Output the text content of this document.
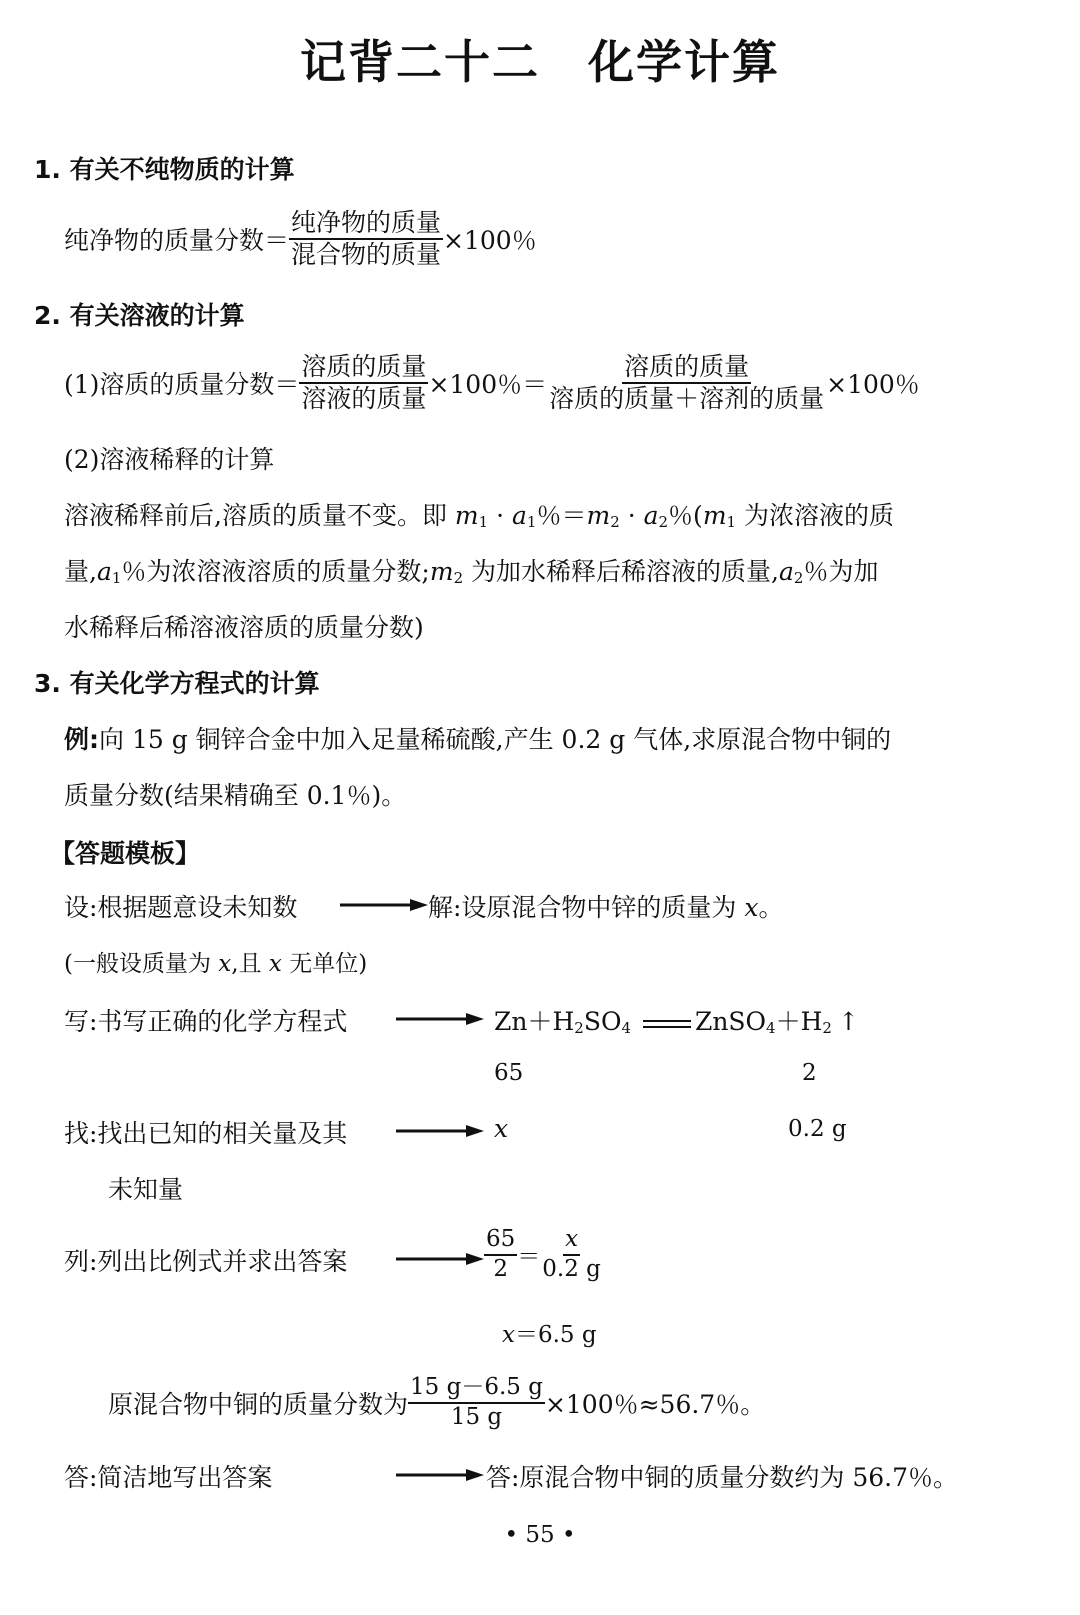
记背二十二　化学计算
1. 有关不纯物质的计算
纯净物的质量分数＝ $\frac{\text{纯净物的质量}}{\text{混合物的质量}} \times 100$％
2. 有关溶液的计算
(1)溶质的质量分数＝ $\frac{\text{溶质的质量}}{\text{溶液的质量}} \times 100$％＝ $\frac{\text{溶质的质量}}{\text{溶质的质量＋溶剂的质量}} \times 100$％
(2)溶液稀释的计算
溶液稀释前后,溶质的质量不变。即 $m_1 \cdot a_1$％$=m_2 \cdot a_2$％($m_1$ 为浓溶液的质
量$,a_1$％为浓溶液溶质的质量分数$;m_2$ 为加水稀释后稀溶液的质量$,a_2$％为加
水稀释后稀溶液溶质的质量分数)
3. 有关化学方程式的计算
例:向 15 g 铜锌合金中加入足量稀硫酸,产生 0.2 g 气体,求原混合物中铜的
质量分数(结果精确至 0.1％)。
【答题模板】
设:根据题意设未知数	解:设原混合物中锌的质量为 x。
(一般设质量为 x,且 x 无单位)
写:书写正确的化学方程式	$Zn+H_2SO_4$	$ZnSO_4+H_2$ ↑
65	2
找:找出已知的相关量及其	x	0.2 g
未知量
列:列出比例式并求出答案	$\frac{65}{2} = \frac{x}{0.2 g}$
x＝6.5 g
原混合物中铜的质量分数为 $\frac{15 g-6.5 g}{15 g} \times 100$％≈56.7％。
答:简洁地写出答案	答:原混合物中铜的质量分数约为 56.7％。
• 55 •
